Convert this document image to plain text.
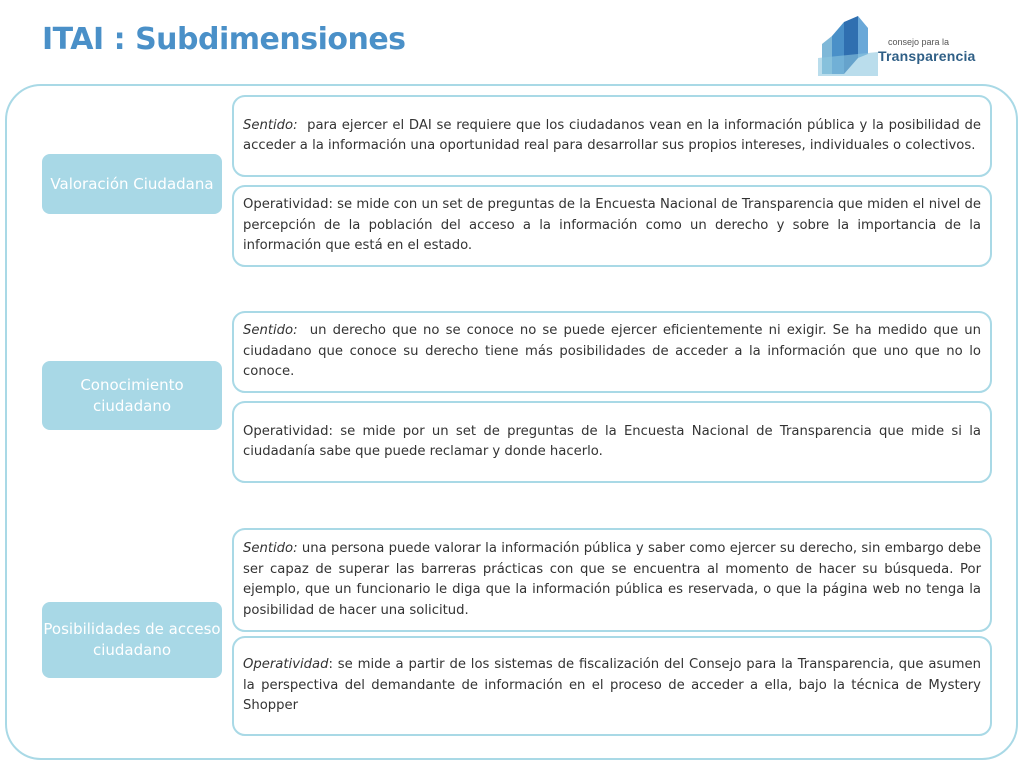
ITAI : Subdimensiones	consejo para la
Transparencia
Valoración Ciudadana

Sentido:  para ejercer el DAI se requiere que los ciudadanos vean en la información pública y la posibilidad de acceder a la información una oportunidad real para desarrollar sus propios intereses, individuales o colectivos.

Operatividad: se mide con un set de preguntas de la Encuesta Nacional de Transparencia que miden el nivel de percepción de la población del acceso a la información como un derecho y sobre la importancia de la información que está en el estado.

Conocimiento ciudadano

Sentido:  un derecho que no se conoce no se puede ejercer eficientemente ni exigir. Se ha medido que un ciudadano que conoce su derecho tiene más posibilidades de acceder a la información que uno que no lo conoce.

Operatividad: se mide por un set de preguntas de la Encuesta Nacional de Transparencia que mide si la ciudadanía sabe que puede reclamar y donde hacerlo.

Posibilidades de acceso ciudadano

Sentido: una persona puede valorar la información pública y saber como ejercer su derecho, sin embargo debe ser capaz de superar las barreras prácticas con que se encuentra al momento de hacer su búsqueda. Por ejemplo, que un funcionario le diga que la información pública es reservada, o que la página web no tenga la posibilidad de hacer una solicitud.

Operatividad: se mide a partir de los sistemas de fiscalización del Consejo para la Transparencia, que asumen la perspectiva del demandante de información en el proceso de acceder a ella, bajo la técnica de Mystery Shopper
